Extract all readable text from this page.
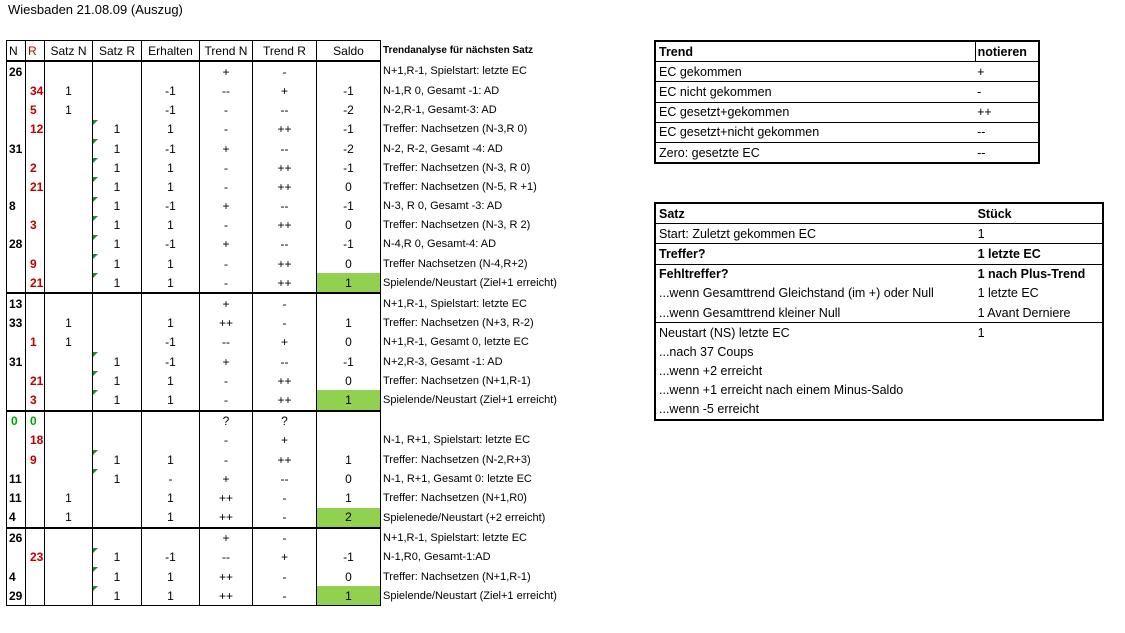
Wiesbaden 21.08.09 (Auszug)
N	R	Satz N	Satz R	Erhalten	Trend N	Trend R	Saldo	Trendanalyse für nächsten Satz
26					+	-		N+1,R-1, Spielstart: letzte EC
	34	1		-1	--	+	-1	N-1,R 0, Gesamt -1: AD
	5	1		-1	-	--	-2	N-2,R-1, Gesamt-3: AD
	12		1	1	-	++	-1	Treffer: Nachsetzen (N-3,R 0)
31			1	-1	+	--	-2	N-2, R-2, Gesamt -4: AD
	2		1	1	-	++	-1	Treffer: Nachsetzen (N-3, R 0)
	21		1	1	-	++	0	Treffer: Nachsetzen (N-5, R +1)
8			1	-1	+	--	-1	N-3, R 0, Gesamt -3: AD
	3		1	1	-	++	0	Treffer: Nachsetzen (N-3, R 2)
28			1	-1	+	--	-1	N-4,R 0, Gesamt-4: AD
	9		1	1	-	++	0	Treffer Nachsetzen (N-4,R+2)
	21		1	1	-	++	1	Spielende/Neustart (Ziel+1 erreicht)
13					+	-		N+1,R-1, Spielstart: letzte EC
33		1		1	++	-	1	Treffer: Nachsetzen (N+3, R-2)
	1	1		-1	--	+	0	N+1,R-1, Gesamt 0, letzte EC
31			1	-1	+	--	-1	N+2,R-3, Gesamt -1: AD
	21		1	1	-	++	0	Treffer: Nachsetzen (N+1,R-1)
	3		1	1	-	++	1	Spielende/Neustart (Ziel+1 erreicht)
0	0				?	?		
	18				-	+		N-1, R+1, Spielstart: letzte EC
	9		1	1	-	++	1	Treffer: Nachsetzen (N-2,R+3)
11			1	-	+	--	0	N-1, R+1, Gesamt 0: letzte EC
11		1		1	++	-	1	Treffer: Nachsetzen (N+1,R0)
4		1		1	++	-	2	Spielenede/Neustart (+2 erreicht)
26					+	-		N+1,R-1, Spielstart: letzte EC
	23		1	-1	--	+	-1	N-1,R0, Gesamt-1:AD
4			1	1	++	-	0	Treffer: Nachsetzen (N+1,R-1)
29			1	1	++	-	1	Spielende/Neustart (Ziel+1 erreicht)
Trend	notieren
EC gekommen	+
EC nicht gekommen	-
EC gesetzt+gekommen	++
EC gesetzt+nicht gekommen	--
Zero: gesetzte EC	--
Satz	Stück
Start: Zuletzt gekommen EC	1
Treffer?	1 letzte EC
Fehltreffer?	1 nach Plus-Trend
...wenn Gesamttrend Gleichstand (im +) oder Null	1 letzte EC
...wenn Gesamttrend kleiner Null	1 Avant Derniere
Neustart (NS) letzte EC	1
...nach 37 Coups	
...wenn +2 erreicht	
...wenn +1 erreicht nach einem Minus-Saldo	
...wenn -5 erreicht	
